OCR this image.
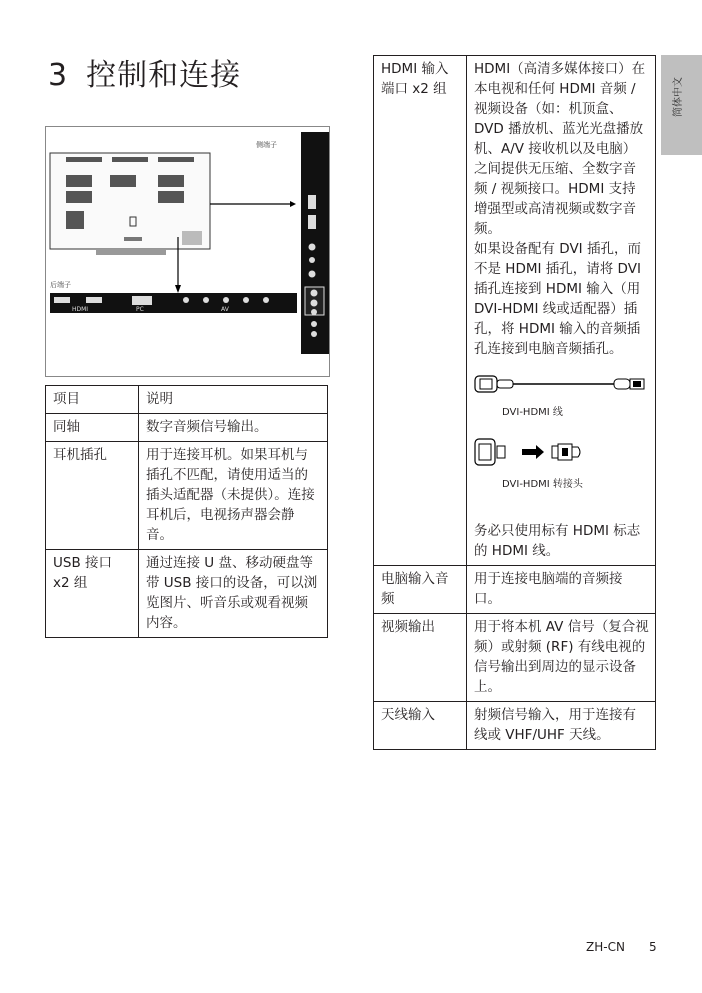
3 控制和连接
简体中文
侧端子
后端子
HDMI	PC	AV
项目	说明
同轴	数字音频信号输出。
耳机插孔	用于连接耳机。如果耳机与插孔不匹配，请使用适当的插头适配器（未提供）。连接耳机后，电视扬声器会静音。
USB 接口 x2 组	通过连接 U 盘、移动硬盘等带 USB 接口的设备，可以浏览图片、听音乐或观看视频内容。
HDMI 输入端口 x2 组	HDMI（高清多媒体接口）在本电视和任何 HDMI 音频 / 视频设备（如：机顶盒、DVD 播放机、蓝光光盘播放机、A/V 接收机以及电脑）之间提供无压缩、全数字音频 / 视频接口。HDMI 支持增强型或高清视频或数字音频。
如果设备配有 DVI 插孔，而不是 HDMI 插孔，请将 DVI 插孔连接到 HDMI 输入（用 DVI-HDMI 线或适配器）插孔，将 HDMI 输入的音频插孔连接到电脑音频插孔。
DVI-HDMI 线
DVI-HDMI 转接头
务必只使用标有 HDMI 标志的 HDMI 线。

电脑输入音频	用于连接电脑端的音频接口。
视频输出	用于将本机 AV 信号（复合视频）或射频 (RF) 有线电视的信号输出到周边的显示设备上。
天线输入	射频信号输入，用于连接有线或 VHF/UHF 天线。
ZH-CN 5
